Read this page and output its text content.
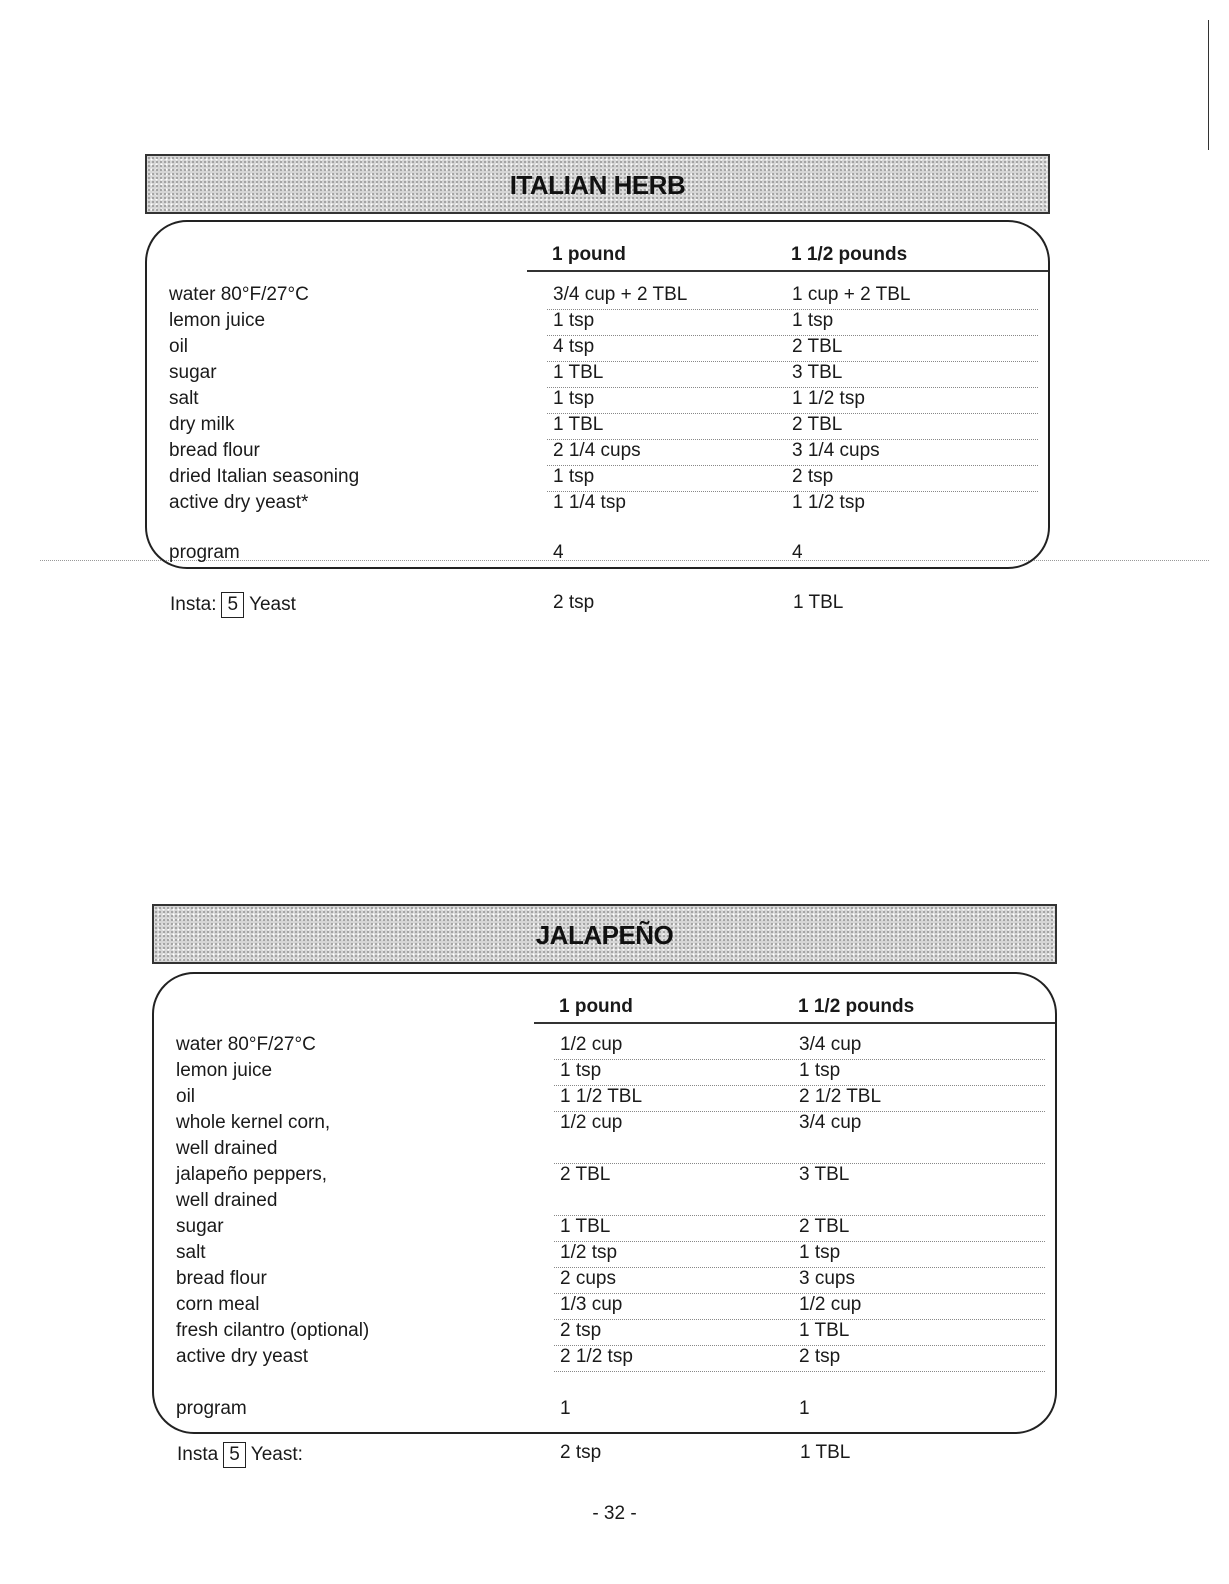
ITALIAN HERB
1 pound	1 1/2 pounds
water 80°F/27°C	3/4 cup + 2 TBL	1 cup + 2 TBL
lemon juice	1 tsp	1 tsp
oil	4 tsp	2 TBL
sugar	1 TBL	3 TBL
salt	1 tsp	1 1/2 tsp
dry milk	1 TBL	2 TBL
bread flour	2 1/4 cups	3 1/4 cups
dried Italian seasoning	1 tsp	2 tsp
active dry yeast*	1 1/4 tsp	1 1/2 tsp
program	4	4
Insta: 5 Yeast	2 tsp	1 TBL
JALAPEÑO
1 pound	1 1/2 pounds
water 80°F/27°C	1/2 cup	3/4 cup
lemon juice	1 tsp	1 tsp
oil	1 1/2 TBL	2 1/2 TBL
whole kernel corn,	1/2 cup	3/4 cup
well drained
jalapeño peppers,	2 TBL	3 TBL
well drained
sugar	1 TBL	2 TBL
salt	1/2 tsp	1 tsp
bread flour	2 cups	3 cups
corn meal	1/3 cup	1/2 cup
fresh cilantro (optional)	2 tsp	1 TBL
active dry yeast	2 1/2 tsp	2 tsp
program	1	1
Insta 5 Yeast:	2 tsp	1 TBL
- 32 -
